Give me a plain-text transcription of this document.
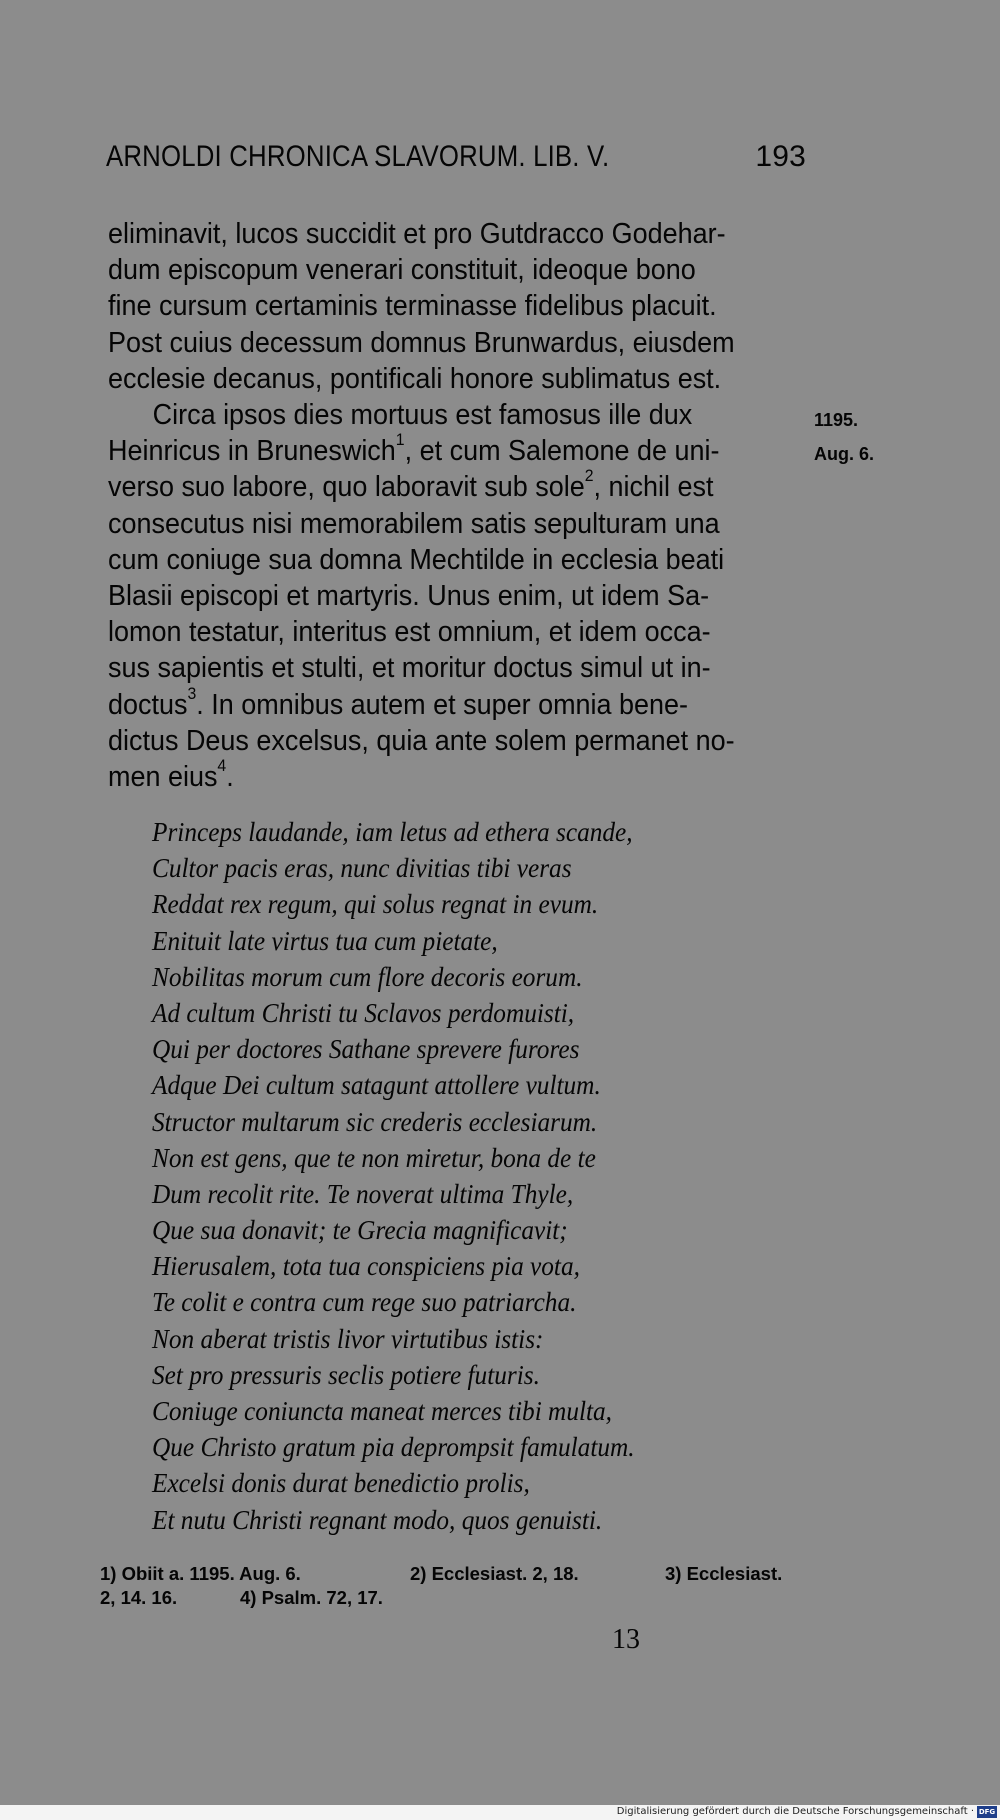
ARNOLDI CHRONICA SLAVORUM. LIB. V.	193
eliminavit, lucos succidit et pro Gutdracco Godehar-
dum episcopum venerari constituit, ideoque bono
fine cursum certaminis terminasse fidelibus placuit.
Post cuius decessum domnus Brunwardus, eiusdem
ecclesie decanus, pontificali honore sublimatus est.
Circa ipsos dies mortuus est famosus ille dux
Heinricus in Bruneswich$^1$, et cum Salemone de uni-
verso suo labore, quo laboravit sub sole$^2$, nichil est
consecutus nisi memorabilem satis sepulturam una
cum coniuge sua domna Mechtilde in ecclesia beati
Blasii episcopi et martyris. Unus enim, ut idem Sa-
lomon testatur, interitus est omnium, et idem occa-
sus sapientis et stulti, et moritur doctus simul ut in-
doctus$^3$. In omnibus autem et super omnia bene-
dictus Deus excelsus, quia ante solem permanet no-
men eius$^4$.
1195.
Aug. 6.
Princeps laudande, iam letus ad ethera scande,
Cultor pacis eras, nunc divitias tibi veras
Reddat rex regum, qui solus regnat in evum.
Enituit late virtus tua cum pietate,
Nobilitas morum cum flore decoris eorum.
Ad cultum Christi tu Sclavos perdomuisti,
Qui per doctores Sathane sprevere furores
Adque Dei cultum satagunt attollere vultum.
Structor multarum sic crederis ecclesiarum.
Non est gens, que te non miretur, bona de te
Dum recolit rite. Te noverat ultima Thyle,
Que sua donavit; te Grecia magnificavit;
Hierusalem, tota tua conspiciens pia vota,
Te colit e contra cum rege suo patriarcha.
Non aberat tristis livor virtutibus istis:
Set pro pressuris seclis potiere futuris.
Coniuge coniuncta maneat merces tibi multa,
Que Christo gratum pia deprompsit famulatum.
Excelsi donis durat benedictio prolis,
Et nutu Christi regnant modo, quos genuisti.
1) Obiit a. 1195. Aug. 6.	2) Ecclesiast. 2, 18.	3) Ecclesiast.
2, 14. 16.	4) Psalm. 72, 17.
13
Digitalisierung gefördert durch die Deutsche Forschungsgemeinschaft · DFG
